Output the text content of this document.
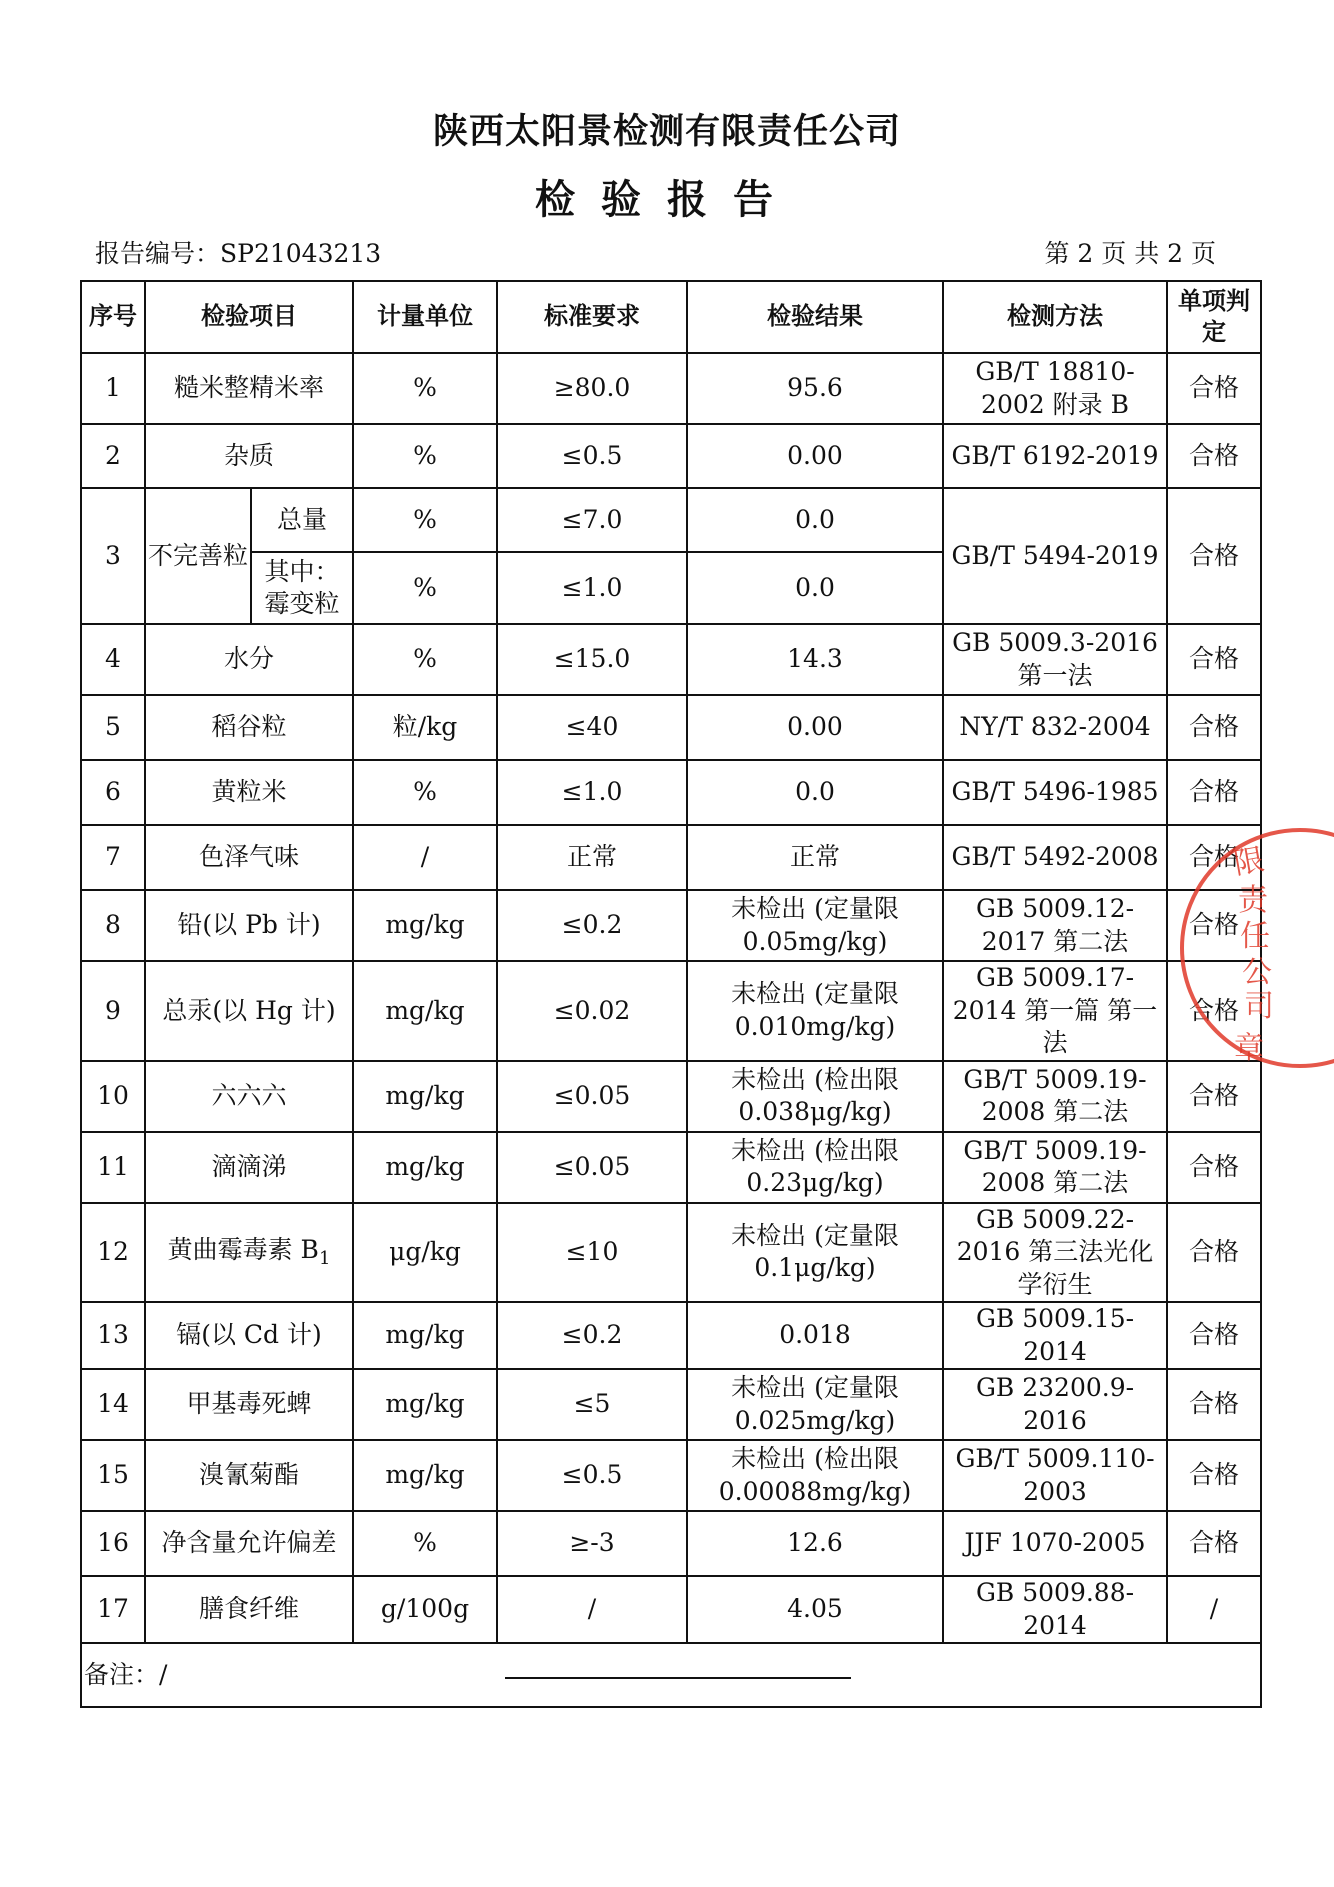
陕西太阳景检测有限责任公司
检验报告
报告编号：SP21043213	第 2 页 共 2 页
序号	检验项目		计量单位	标准要求	检验结果	检测方法	单项判定
1	糙米整精米率		%	≥80.0	95.6	GB/T 18810-2002 附录 B	合格
2	杂质		%	≤0.5	0.00	GB/T 6192-2019	合格
3	不完善粒	总量	%	≤7.0	0.0	GB/T 5494-2019	合格
		其中：霉变粒	%	≤1.0	0.0		
4	水分		%	≤15.0	14.3	GB 5009.3-2016 第一法	合格
5	稻谷粒		粒/kg	≤40	0.00	NY/T 832-2004	合格
6	黄粒米		%	≤1.0	0.0	GB/T 5496-1985	合格
7	色泽气味		/	正常	正常	GB/T 5492-2008	合格
8	铅(以 Pb 计)		mg/kg	≤0.2	未检出 (定量限 0.05mg/kg)	GB 5009.12-2017 第二法	合格
9	总汞(以 Hg 计)		mg/kg	≤0.02	未检出 (定量限 0.010mg/kg)	GB 5009.17-2014 第一篇 第一法	合格
10	六六六		mg/kg	≤0.05	未检出 (检出限 0.038μg/kg)	GB/T 5009.19-2008 第二法	合格
11	滴滴涕		mg/kg	≤0.05	未检出 (检出限 0.23μg/kg)	GB/T 5009.19-2008 第二法	合格
12	黄曲霉毒素 $B_1$		μg/kg	≤10	未检出 (定量限 0.1μg/kg)	GB 5009.22-2016 第三法光化学衍生	合格
13	镉(以 Cd 计)		mg/kg	≤0.2	0.018	GB 5009.15-2014	合格
14	甲基毒死蜱		mg/kg	≤5	未检出 (定量限 0.025mg/kg)	GB 23200.9-2016	合格
15	溴氰菊酯		mg/kg	≤0.5	未检出 (检出限 0.00088mg/kg)	GB/T 5009.110-2003	合格
16	净含量允许偏差		%	≥-3	12.6	JJF 1070-2005	合格
17	膳食纤维		g/100g	/	4.05	GB 5009.88-2014	/
备注：/							
限
责
任
公
司
章
